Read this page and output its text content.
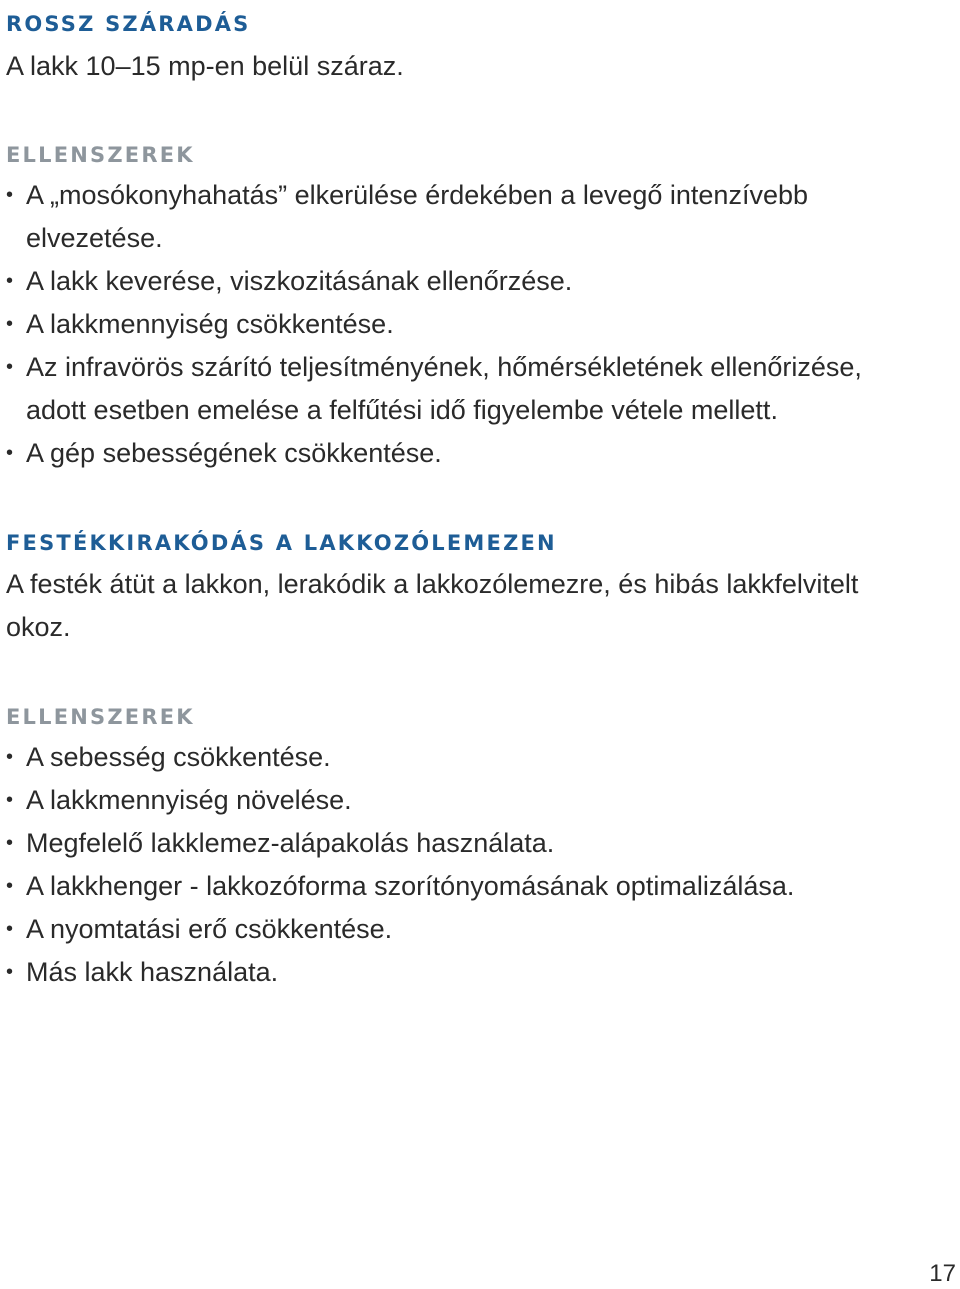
ROSSZ SZÁRADÁS

A lakk 10–15 mp-en belül száraz.

ELLENSZEREK
• A „mosókonyhahatás” elkerülése érdekében a levegő intenzívebb elvezetése.
• A lakk keverése, viszkozitásának ellenőrzése.
• A lakkmennyiség csökkentése.
• Az infravörös szárító teljesítményének, hőmérsékletének ellenőrizése, adott esetben emelése a felfűtési idő figyelembe vétele mellett.
• A gép sebességének csökkentése.
FESTÉKKIRAKÓDÁS A LAKKOZÓLEMEZEN

A festék átüt a lakkon, lerakódik a lakkozólemezre, és hibás lakkfelvitelt okoz.

ELLENSZEREK
• A sebesség csökkentése.
• A lakkmennyiség növelése.
• Megfelelő lakklemez-alápakolás használata.
• A lakkhenger - lakkozóforma szorítónyomásának optimalizálása.
• A nyomtatási erő csökkentése.
• Más lakk használata.
17
